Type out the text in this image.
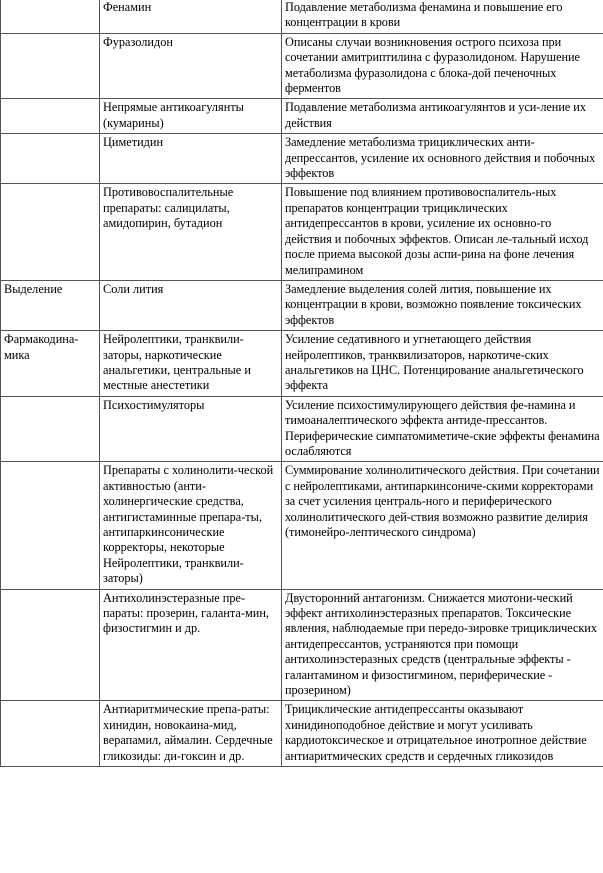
	Фенамин	Подавление метаболизма фенамина и повышение его концентрации в крови

	Фуразолидон	Описаны случаи возникновения острого психоза при сочетании амитриптилина с фуразолидоном. Нарушение метаболизма фуразолидона с блока-дой печеночных ферментов

	Непрямые антикоагулянты (кумарины)	Подавление метаболизма антикоагулянтов и уси-ление их действия

	Циметидин	Замедление метаболизма трициклических анти-депрессантов, усиление их основного действия и побочных эффектов

	Противовоспалительные препараты: салицилаты, амидопирин, бутадион	Повышение под влиянием противовоспалитель-ных препаратов концентрации трициклических антидепрессантов в крови, усиление их основно-го действия и побочных эффектов. Описан ле-тальный исход после приема высокой дозы аспи-рина на фоне лечения мелипрамином

Выделение	Соли лития	Замедление выделения солей лития, повышение их концентрации в крови, возможно появление токсических эффектов

Фармакодина-мика	Нейролептики, транквили-заторы, наркотические анальгетики, центральные и местные анестетики	Усиление седативного и угнетающего действия нейролептиков, транквилизаторов, наркотиче-ских анальгетиков на ЦНС. Потенцирование анальгетического эффекта

	Психостимуляторы	Усиление психостимулирующего действия фе-намина и тимоаналептического эффекта антиде-прессантов. Периферические симпатомиметиче-ские эффекты фенамина ослабляются

	Препараты с холинолити-ческой активностью (анти-холинергические средства, антигистаминные препара-ты, антипаркинсонические корректоры, некоторые Нейролептики, транквили-заторы)	Суммирование холинолитического действия. При сочетании с нейролептиками, антипаркинсониче-скими корректорами за счет усиления централь-ного и периферического холинолитического дей-ствия возможно развитие делирия (тимонейро-лептического синдрома)

	Антихолинэстеразные пре-параты: прозерин, галанта-мин, физостигмин и др.	Двусторонний антагонизм. Снижается миотони-ческий эффект антихолинэстеразных препаратов. Токсические явления, наблюдаемые при передо-зировке трициклических антидепрессантов, устраняются при помощи антихолинэстеразных средств (центральные эффекты - галантамином и физостигмином, периферические - прозерином)

	Антиаритмические препа-раты: хинидин, новокаина-мид, верапамил, аймалин. Сердечные гликозиды: ди-гоксин и др.	Трициклические антидепрессанты оказывают хинидиноподобное действие и могут усиливать кардиотоксическое и отрицательное инотропное действие антиаритмических средств и сердечных гликозидов
